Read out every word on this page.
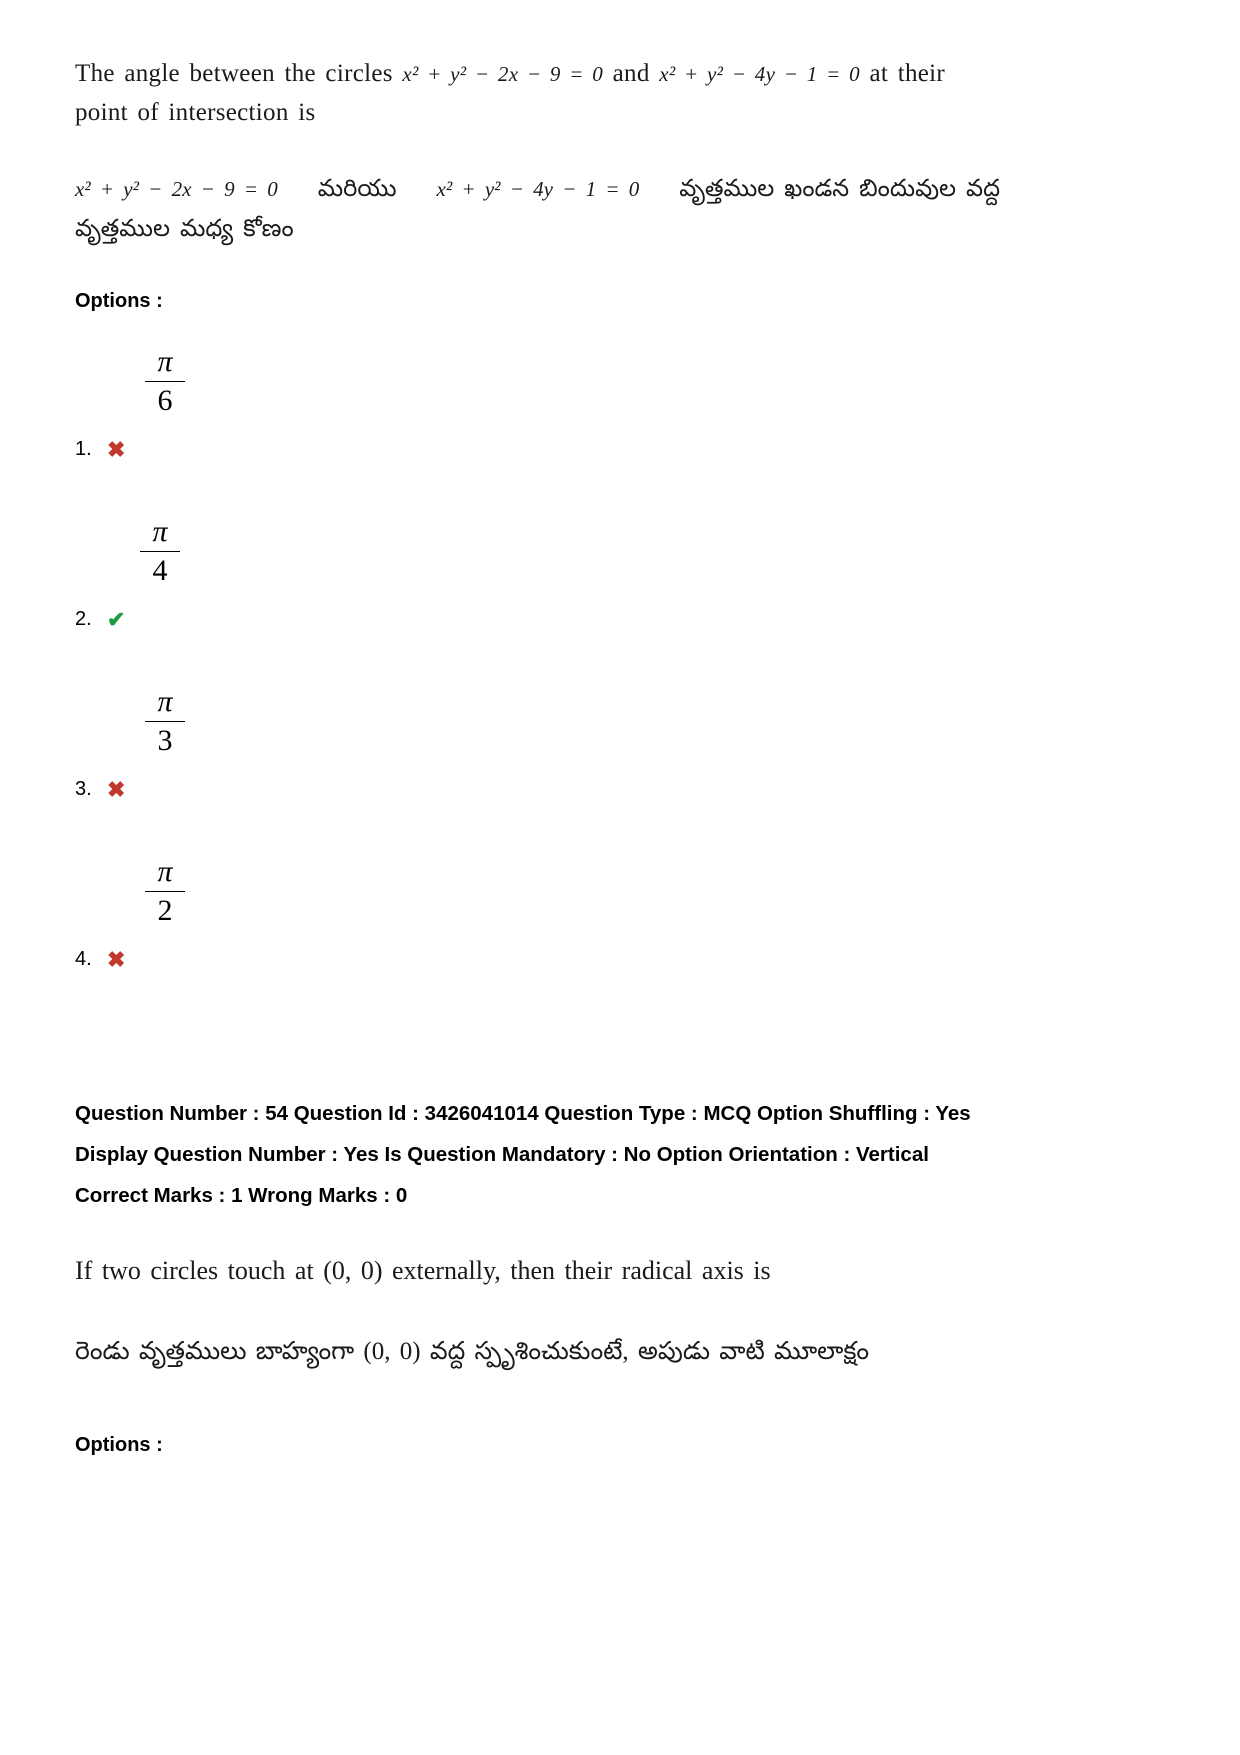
The angle between the circles x² + y² − 2x − 9 = 0 and x² + y² − 4y − 1 = 0 at their
point of intersection is
x² + y² − 2x − 9 = 0 మరియు x² + y² − 4y − 1 = 0 వృత్తముల ఖండన బిందువుల వద్ద
వృత్తముల మధ్య కోణం
Options :
1. ✖
π
6
2. ✔
π
4
3. ✖
π
3
4. ✖
π
2
Question Number : 54 Question Id : 3426041014 Question Type : MCQ Option Shuffling : Yes
Display Question Number : Yes Is Question Mandatory : No Option Orientation : Vertical
Correct Marks : 1 Wrong Marks : 0
If two circles touch at (0, 0) externally, then their radical axis is
రెండు వృత్తములు బాహ్యంగా (0, 0) వద్ద స్పృశించుకుంటే, అపుడు వాటి మూలాక్షం
Options :
